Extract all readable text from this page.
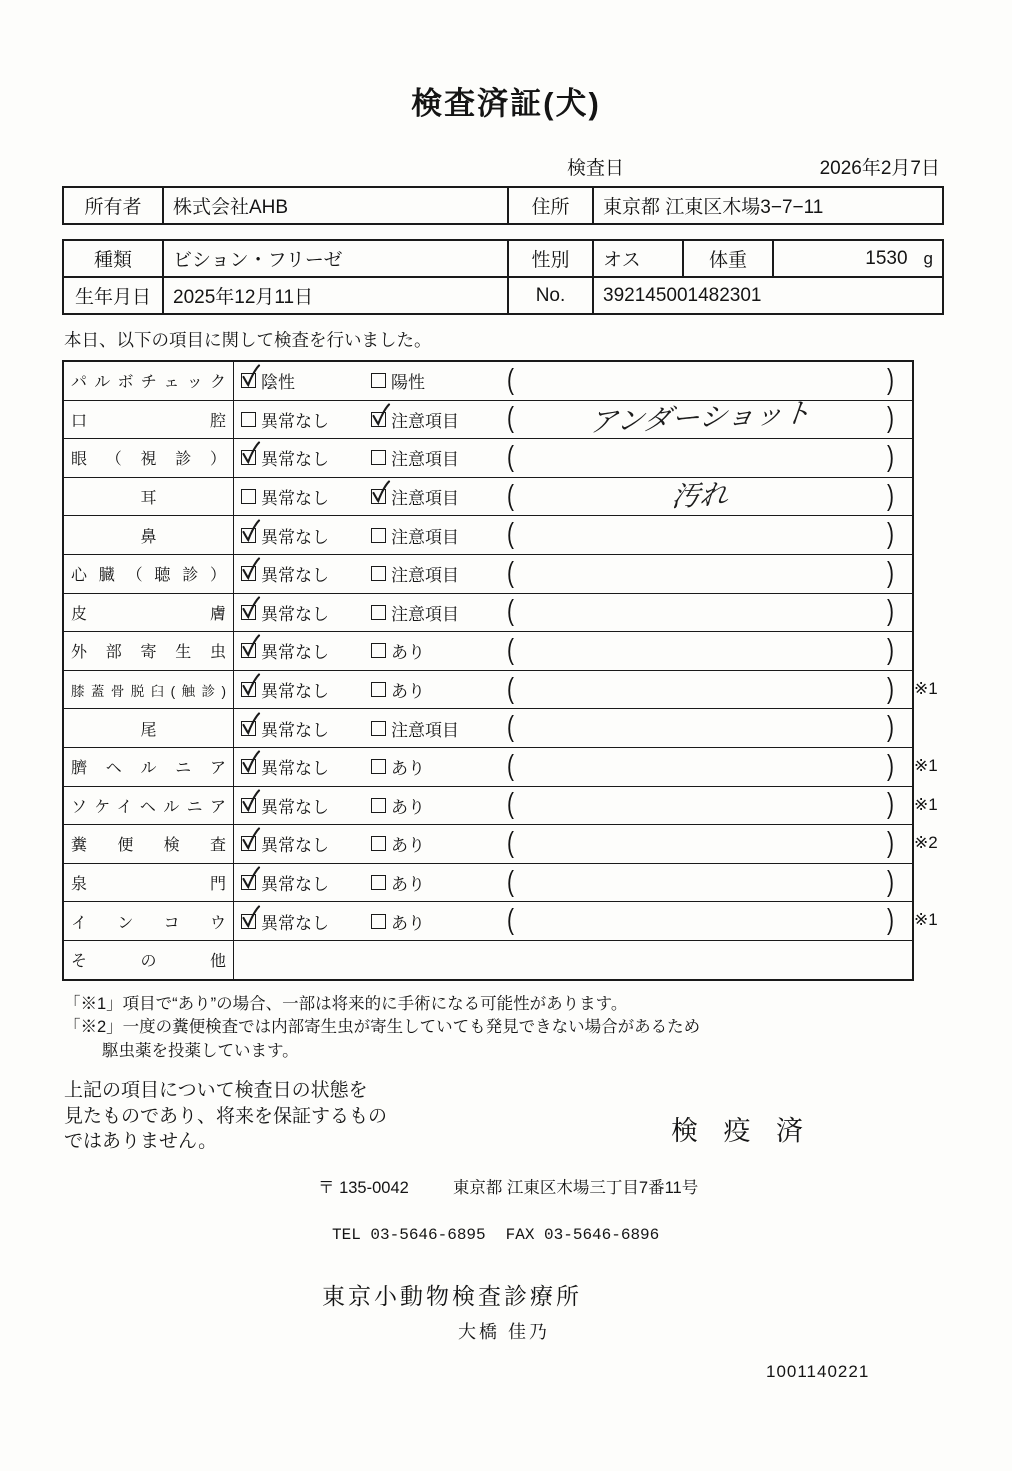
検査済証(犬)
検査日	2026年2月7日
所有者	株式会社AHB	住所	東京都 江東区木場3−7−11
種類	ビション・フリーゼ	性別	オス	体重	1530 g
生年月日	2025年12月11日	No.	392145001482301		
本日、以下の項目に関して検査を行いました。
パルボチェック 陰性	陽性	(	)
口腔 異常なし	注意項目 (	アンダーショット	)
眼（視診） 異常なし	注意項目 (	)
耳	異常なし	注意項目 (	汚れ	)
鼻	異常なし	注意項目 (	)
心臓（聴診） 異常なし	注意項目 (	)
皮膚 異常なし	注意項目 (	)
外部寄生虫 異常なし	あり	(	)
膝蓋骨脱臼(触診) 異常なし	あり	(	) ※1
尾	異常なし	注意項目 (	)
臍ヘルニア 異常なし	あり	(	) ※1
ソケイヘルニア 異常なし	あり	(	) ※1
糞便検査 異常なし	あり	(	) ※2
泉門 異常なし	あり	(	)
インコウ 異常なし	あり	(	) ※1
その他
「※1」項目で“あり”の場合、一部は将来的に手術になる可能性があります。
「※2」一度の糞便検査では内部寄生虫が寄生していても発見できない場合があるため
駆虫薬を投薬しています。
上記の項目について検査日の状態を
見たものであり、将来を保証するもの
ではありません。	検 疫 済
〒 135-0042	東京都 江東区木場三丁目7番11号
TEL 03-5646-6895 FAX 03-5646-6896
東京小動物検査診療所
大橋 佳乃
1001140221
